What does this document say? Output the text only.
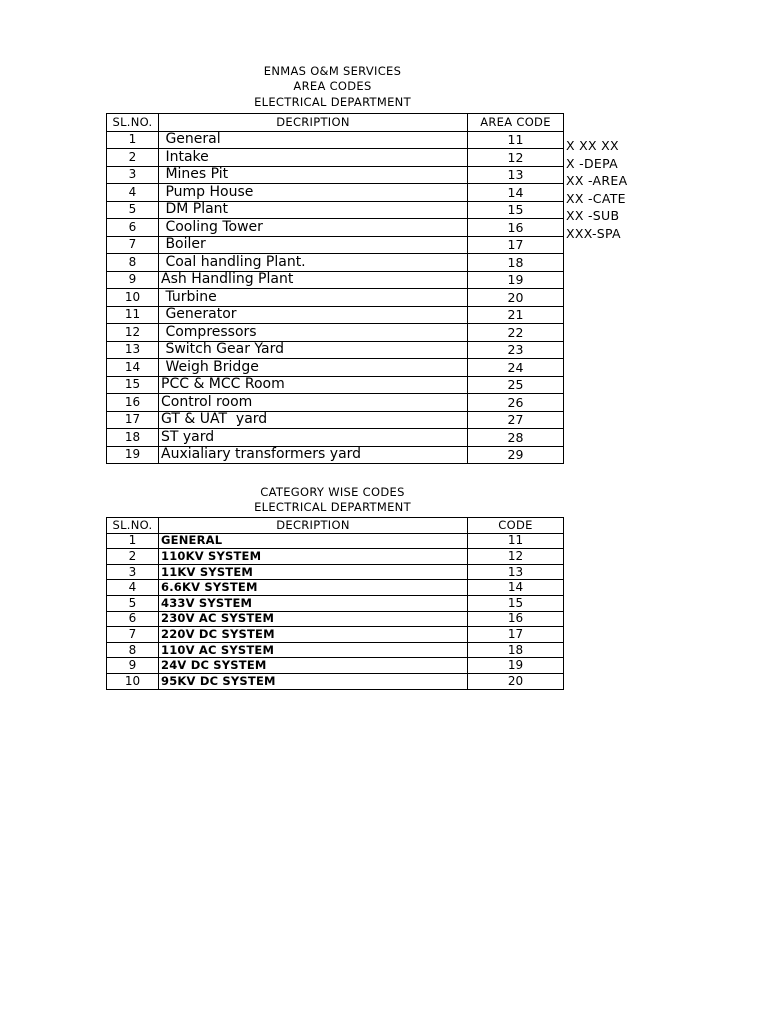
ENMAS O&M SERVICES
AREA CODES
ELECTRICAL DEPARTMENT
SL.NO.	DECRIPTION	AREA CODE
1	General	11
2	Intake	12
3	Mines Pit	13
4	Pump House	14
5	DM Plant	15
6	Cooling Tower	16
7	Boiler	17
8	Coal handling Plant.	18
9	Ash Handling Plant	19
10	Turbine	20
11	Generator	21
12	Compressors	22
13	Switch Gear Yard	23
14	Weigh Bridge	24
15	PCC & MCC Room	25
16	Control room	26
17	GT & UAT  yard	27
18	ST yard	28
19	Auxialiary transformers yard	29
X XX XX
X -DEPA
XX -AREA
XX -CATE
XX -SUB
XXX-SPA
CATEGORY WISE CODES
ELECTRICAL DEPARTMENT
SL.NO.	DECRIPTION	CODE
1	GENERAL	11
2	110KV SYSTEM	12
3	11KV SYSTEM	13
4	6.6KV SYSTEM	14
5	433V SYSTEM	15
6	230V AC SYSTEM	16
7	220V DC SYSTEM	17
8	110V AC SYSTEM	18
9	24V DC SYSTEM	19
10	95KV DC SYSTEM	20
